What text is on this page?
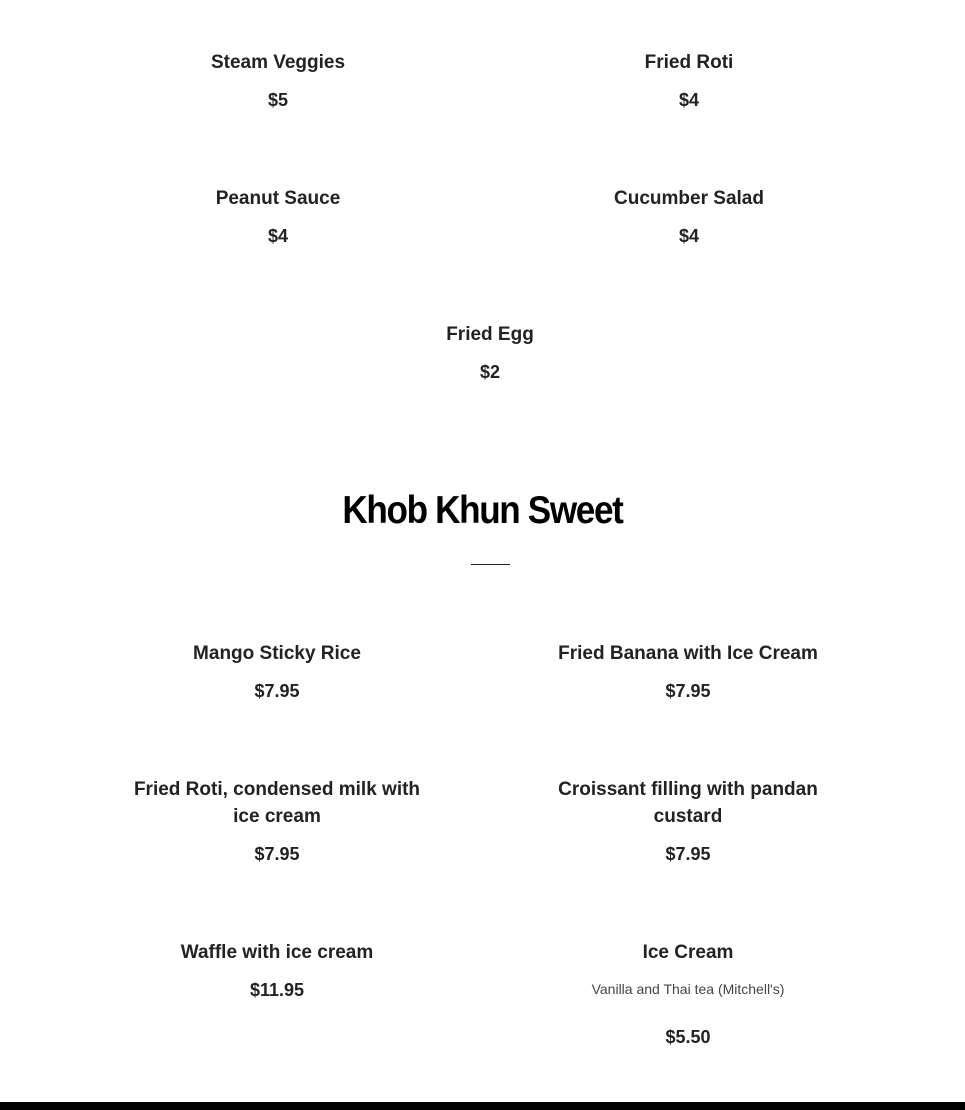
Steam Veggies

$5

Fried Roti

$4

Peanut Sauce

$4

Cucumber Salad

$4

Fried Egg

$2

Khob Khun Sweet

Mango Sticky Rice

$7.95

Fried Banana with Ice Cream

$7.95

Fried Roti, condensed milk with ice cream

$7.95

Croissant filling with pandan custard

$7.95

Waffle with ice cream

$11.95

Ice Cream

Vanilla and Thai tea (Mitchell's)

$5.50
